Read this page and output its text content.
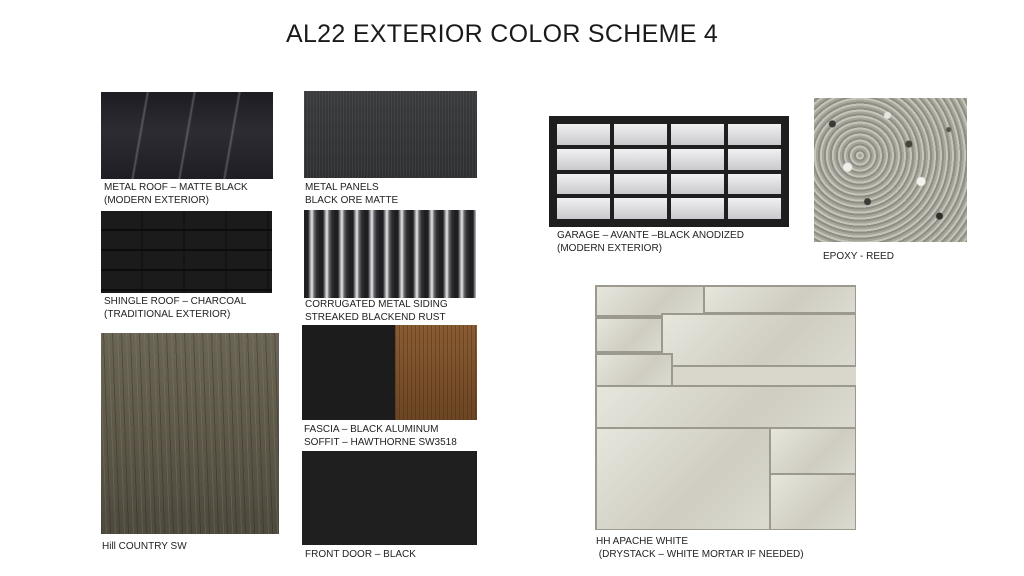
AL22 EXTERIOR COLOR SCHEME 4
METAL ROOF – MATTE BLACK
(MODERN EXTERIOR)
SHINGLE ROOF – CHARCOAL
(TRADITIONAL EXTERIOR)
Hill COUNTRY SW
METAL PANELS
BLACK ORE MATTE
CORRUGATED METAL SIDING
STREAKED BLACKEND RUST
FASCIA – BLACK ALUMINUM
SOFFIT – HAWTHORNE SW3518
FRONT DOOR – BLACK
GARAGE – AVANTE –BLACK ANODIZED
(MODERN EXTERIOR)
HH APACHE WHITE
(DRYSTACK – WHITE MORTAR IF NEEDED)
EPOXY - REED
